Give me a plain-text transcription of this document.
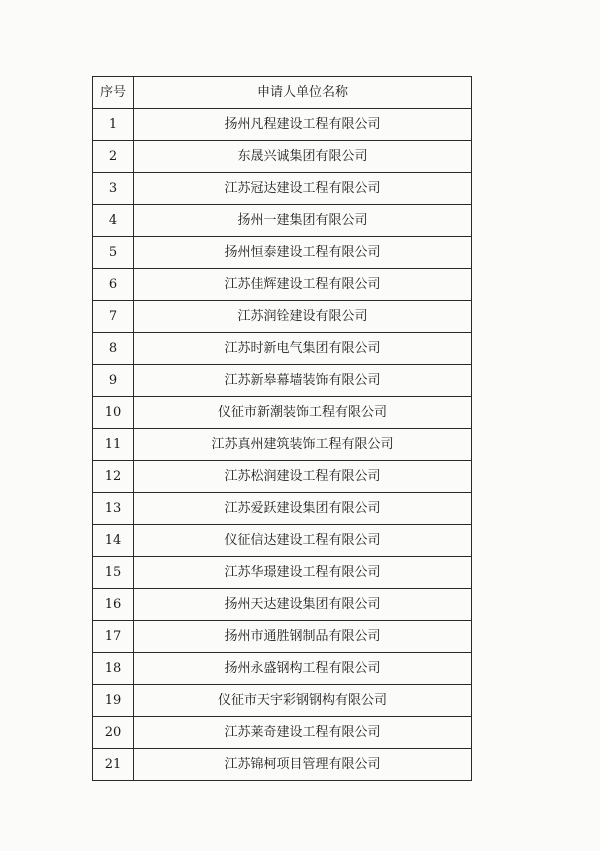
序号	申请人单位名称
1	扬州凡程建设工程有限公司
2	东晟兴诚集团有限公司
3	江苏冠达建设工程有限公司
4	扬州一建集团有限公司
5	扬州恒泰建设工程有限公司
6	江苏佳辉建设工程有限公司
7	江苏润铨建设有限公司
8	江苏时新电气集团有限公司
9	江苏新皋幕墙装饰有限公司
10	仪征市新潮装饰工程有限公司
11	江苏真州建筑装饰工程有限公司
12	江苏松润建设工程有限公司
13	江苏爱跃建设集团有限公司
14	仪征信达建设工程有限公司
15	江苏华璟建设工程有限公司
16	扬州天达建设集团有限公司
17	扬州市通胜钢制品有限公司
18	扬州永盛钢构工程有限公司
19	仪征市天宇彩钢钢构有限公司
20	江苏莱奇建设工程有限公司
21	江苏锦柯项目管理有限公司
